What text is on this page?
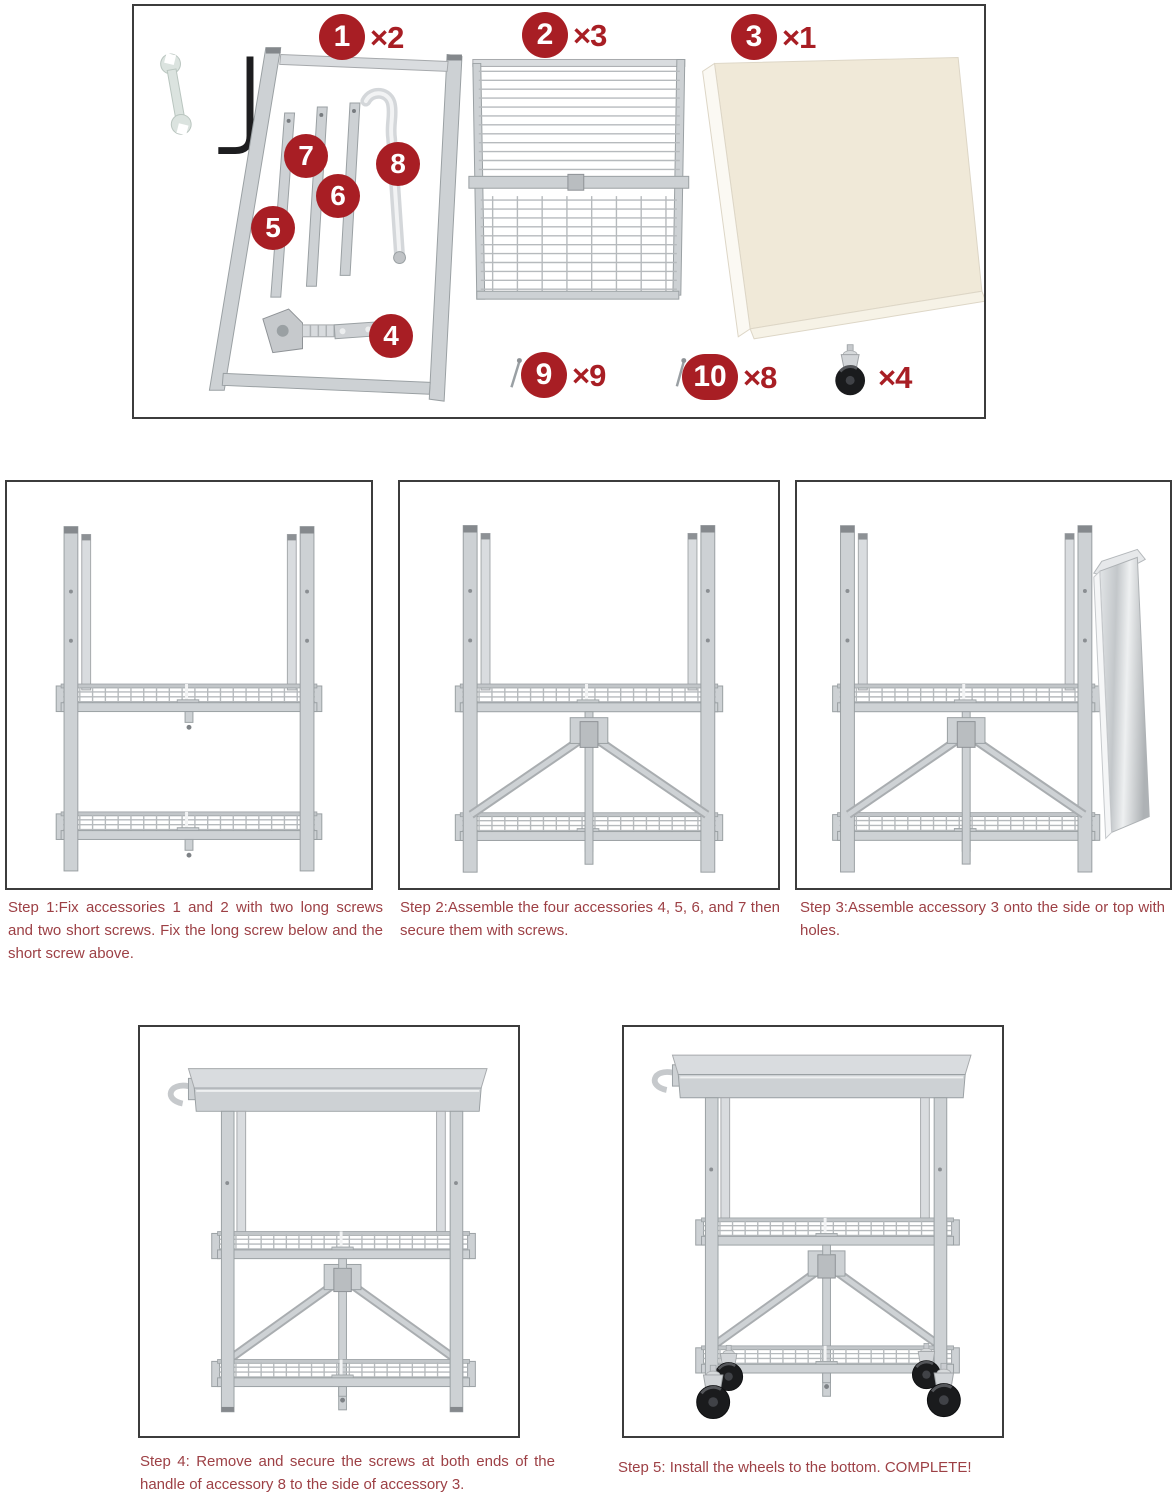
1 ×2	2 ×3	3 ×1
4
5
6
7	8
9 ×9	10 ×8	×4

Step 1:Fix accessories 1 and 2 with two long screws and two short screws. Fix the long screw below and the short screw above.

Step 2:Assemble the four accessories 4, 5, 6, and 7 then secure them with screws.

Step 3:Assemble accessory 3 onto the side or top with holes.

Step 4: Remove and secure the screws at both ends of the handle of accessory 8 to the side of accessory 3.

Step 5: Install the wheels to the bottom. COMPLETE!
